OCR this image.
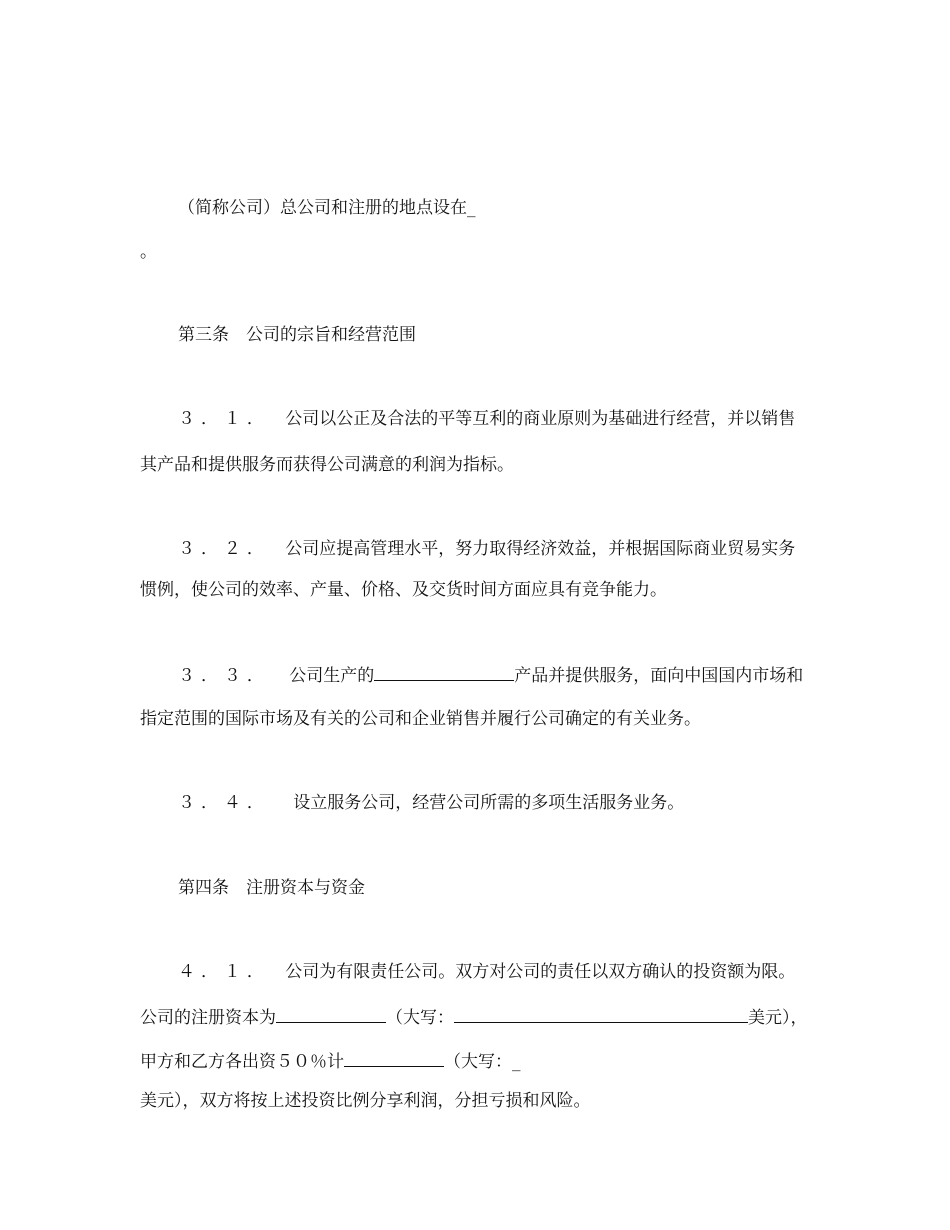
（简称公司）总公司和注册的地点设在_
。
第三条　公司的宗旨和经营范围
３．１． 公司以公正及合法的平等互利的商业原则为基础进行经营，并以销售
其产品和提供服务而获得公司满意的利润为指标。
３．２． 公司应提高管理水平，努力取得经济效益，并根据国际商业贸易实务
惯例，使公司的效率、产量、价格、及交货时间方面应具有竞争能力。
３．３． 公司生产的	产品并提供服务，面向中国国内市场和
指定范围的国际市场及有关的公司和企业销售并履行公司确定的有关业务。
３．４． 设立服务公司，经营公司所需的多项生活服务业务。
第四条　注册资本与资金
４．１． 公司为有限责任公司。双方对公司的责任以双方确认的投资额为限。
公司的注册资本为	（大写：	美元），
甲方和乙方各出资５０％计	（大写：_
美元），双方将按上述投资比例分享利润，分担亏损和风险。
